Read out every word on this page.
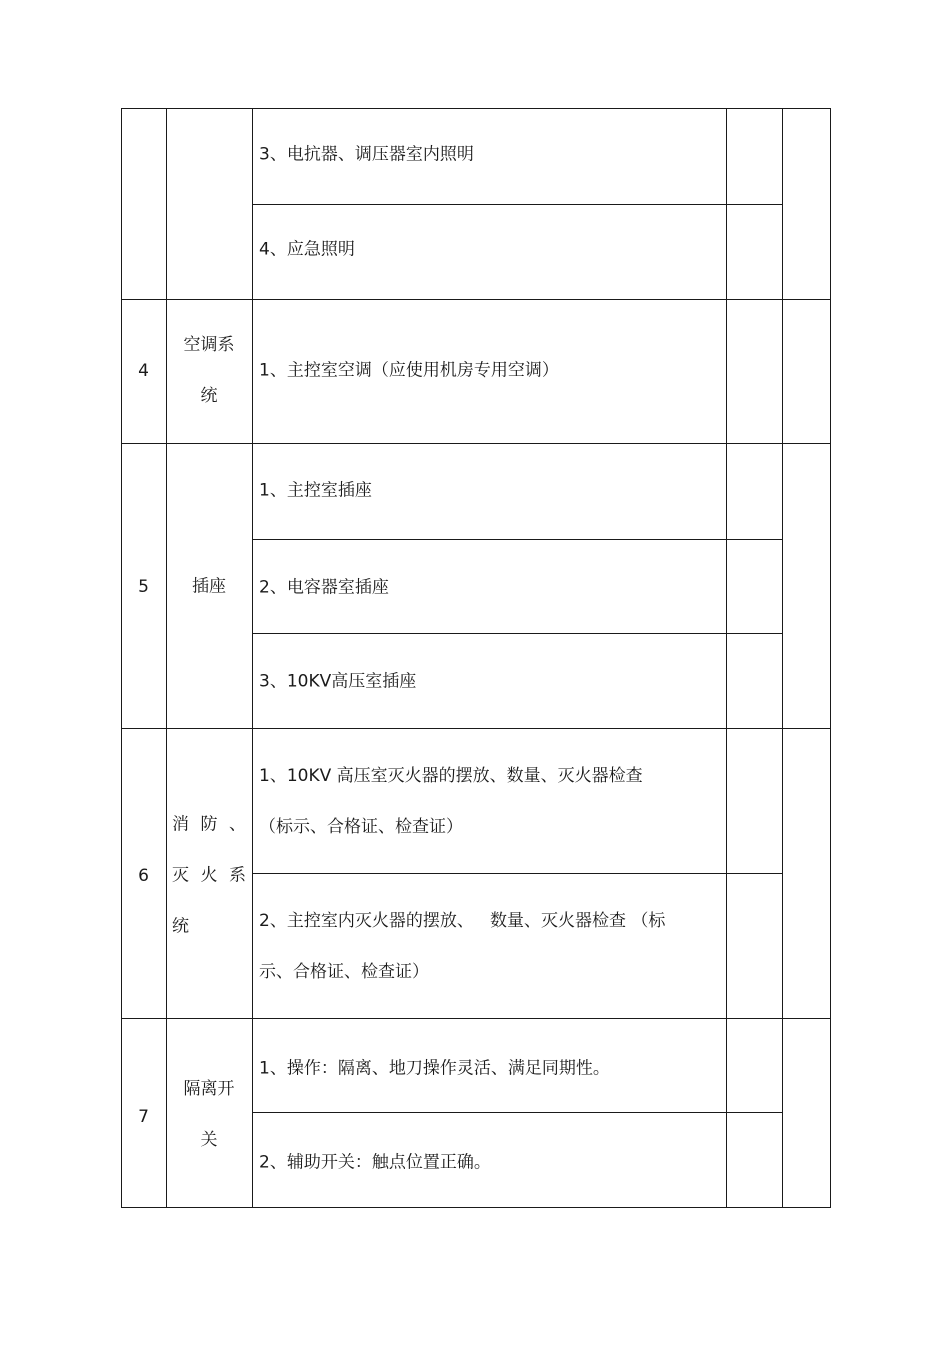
3、电抗器、调压器室内照明
4、应急照明
4
空调系
统
1、主控室空调（应使用机房专用空调）
5	插座
1、主控室插座
2、电容器室插座
3、10KV高压室插座
6
消 防 、
灭 火 系
统
1、10KV 高压室灭火器的摆放、数量、灭火器检查
（标示、合格证、检查证）
2、主控室内灭火器的摆放、   数量、灭火器检查 （标
示、合格证、检查证）
7
隔离开
关
1、操作：隔离、地刀操作灵活、满足同期性。
2、辅助开关：触点位置正确。
